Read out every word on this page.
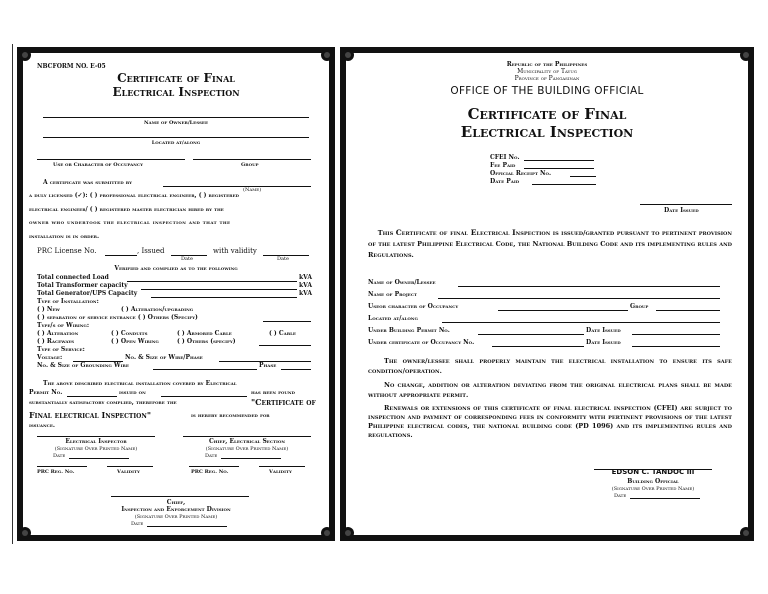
NBCFORM NO. E-05
Certificate of Final
Electrical Inspection
Name of Owner/Lessee
Located at/along
Use or Character of Occupancy	Group
A certificate was submitted by
(Name)
a duly licensed (✓): ( ) professional electrical engineer, ( ) registered
electrical engineer/ ( ) registered master electrician hired by the
owner who undertook the electrical inspection and that the
installation is in order.
PRC License No.	, Issued	with validity
Date	Date
Verified and complied as to the following
Total connected Load	kVA
Total Transformer capacity	kVA
Total Generator/UPS Capacity	kVA
Type of Installation:
( ) New	( ) Alteration/upgrading
( ) separation of service entrance ( ) Others (Specify)
Type/s of Wiring:
( ) Alteration	( ) Conduits	( ) Armored Cable	( ) Cable
( ) Raceways	( ) Open Wiring	( ) Others (specify)
Type of Service:
Voltage:	No. & Size of Wire/Phase
No. & Size of Grounding Wire	Phase
The above described electrical installation covered by Electrical
Permit No.	issued on	has been found
substantially satisfactory complied, therefore the	"Certificate of
Final electrical Inspection"	is hereby recommended for
issuance.
Electrical Inspector
(Signature Over Printed Name)
Date
Chief, Electrical Section
(Signature Over Printed Name)
Date
PRC Reg. No.	Validity	PRC Reg. No.	Validity
Chief,
Inspection and Enforcement Division
(Signature Over Printed Name)
Date
Republic of the Philippines
Municipality of Tayug
Province of Pangasinan
OFFICE OF THE BUILDING OFFICIAL
Certificate of Final
Electrical Inspection
CFEI No.
Fee Paid
Official Receipt No.
Date Paid
Date Issued
This Certificate of final Electrical Inspection is issued/granted pursuant to pertinent provision of the latest Philippine Electrical Code, the National Building Code and its implementing rules and Regulations.
Name of Owner/Lessee
Name of Project
Useor character of Occupancy	Group
Located at/along
Under Building Permit No.	Date Issued
Under certificate of Occupancy No.	Date Issued
The owner/lessee shall properly maintain the electrical installation to ensure its safe condition/operation.
No change, addition or alteration deviating from the original electrical plans shall be made without appropriate permit.
Renewals or extensions of this certificate of final electrical inspection (CFEI) are subject to inspection and payment of corresponding fees in conformity with pertinent provisions of the latest Philippine electrical codes, the national building code (PD 1096) and its implementing rules and regulations.
EDSON C. TANDOC III
Building Official
(Signature Over Printed Name)
Date
